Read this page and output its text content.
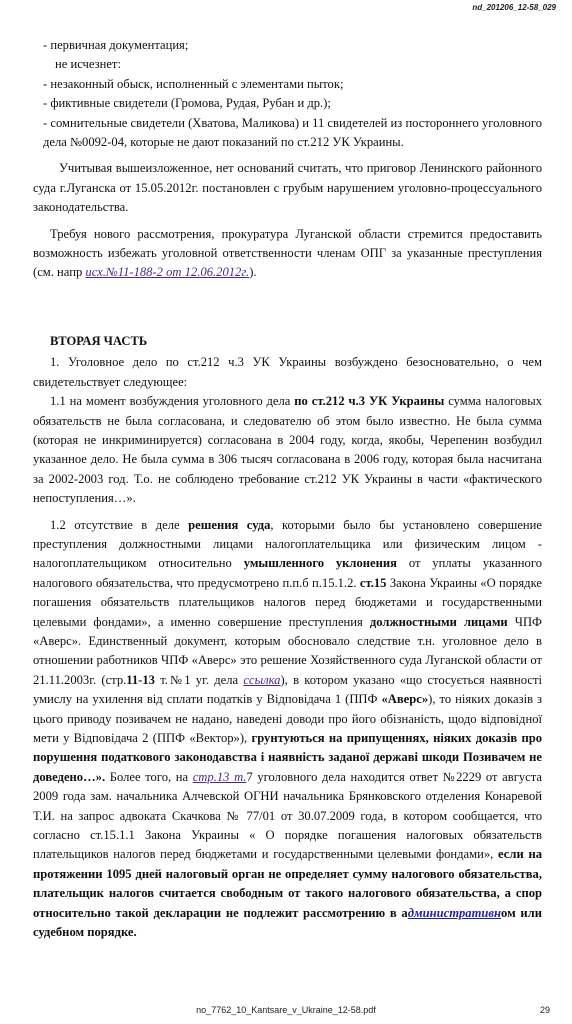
nd_201206_12-58_029

- первичная документация;

не исчезнет:

- незаконный обыск, исполненный с элементами пыток;

- фиктивные свидетели (Громова, Рудая, Рубан и др.);

- сомнительные свидетели (Хватова, Маликова) и 11 свидетелей из постороннего уголовного дела №0092-04, которые не дают показаний по ст.212 УК Украины.

Учитывая вышеизложенное, нет оснований считать, что приговор Ленинского районного суда г.Луганска от 15.05.2012г. постановлен с грубым нарушением уголовно-процессуального законодательства.

Требуя нового рассмотрения, прокуратура Луганской области стремится предоставить возможность избежать уголовной ответственности членам ОПГ за указанные преступления (см. напр исх.№11-188-2 от 12.06.2012г.).

ВТОРАЯ ЧАСТЬ

1. Уголовное дело по ст.212 ч.3 УК Украины возбуждено безосновательно, о чем свидетельствует следующее:

1.1 на момент возбуждения уголовного дела по ст.212 ч.3 УК Украины сумма налоговых обязательств не была согласована, и следователю об этом было известно. Не была сумма (которая не инкриминируется) согласована в 2004 году, когда, якобы, Черепенин возбудил указанное дело. Не была сумма в 306 тысяч согласована в 2006 году, которая была насчитана за 2002-2003 год. Т.о. не соблюдено требование ст.212 УК Украины в части «фактического непоступления…».

1.2 отсутствие в деле решения суда, которыми было бы установлено совершение преступления должностными лицами налогоплательщика или физическим лицом - налогоплательщиком относительно умышленного уклонения от уплаты указанного налогового обязательства, что предусмотрено п.п.б п.15.1.2. ст.15 Закона Украины «О порядке погашения обязательств плательщиков налогов перед бюджетами и государственными целевыми фондами», а именно совершение преступления должностными лицами ЧПФ «Аверс». Единственный документ, которым обосновало следствие т.н. уголовное дело в отношении работников ЧПФ «Аверс» это решение Хозяйственного суда Луганской области от 21.11.2003г. (стр.11-13 т.№1 уг. дела ссылка), в котором указано «що стосується наявності умислу на ухилення від сплати податків у Відповідача 1 (ППФ «Аверс»), то ніяких доказів з цього приводу позивачем не надано, наведені доводи про його обізнаність, щодо відповідної мети у Відповідача 2 (ППФ «Вектор»), грунтуються на припущеннях, ніяких доказів про порушення податкового законодавства і наявність заданої державі шкоди Позивачем не доведено…». Более того, на стр.13 т.7 уголовного дела находится ответ №2229 от августа 2009 года зам. начальника Алчевской ОГНИ начальника Брянковского отделения Конаревой Т.И. на запрос адвоката Скачкова № 77/01 от 30.07.2009 года, в котором сообщается, что согласно ст.15.1.1 Закона Украины « О порядке погашения налоговых обязательств плательщиков налогов перед бюджетами и государственными целевыми фондами», если на протяжении 1095 дней налоговый орган не определяет сумму налогового обязательства, плательщик налогов считается свободным от такого налогового обязательства, а спор относительно такой декларации не подлежит рассмотрению в административном или судебном порядке.

no_7762_10_Kantsare_v_Ukraine_12-58.pdf	29
